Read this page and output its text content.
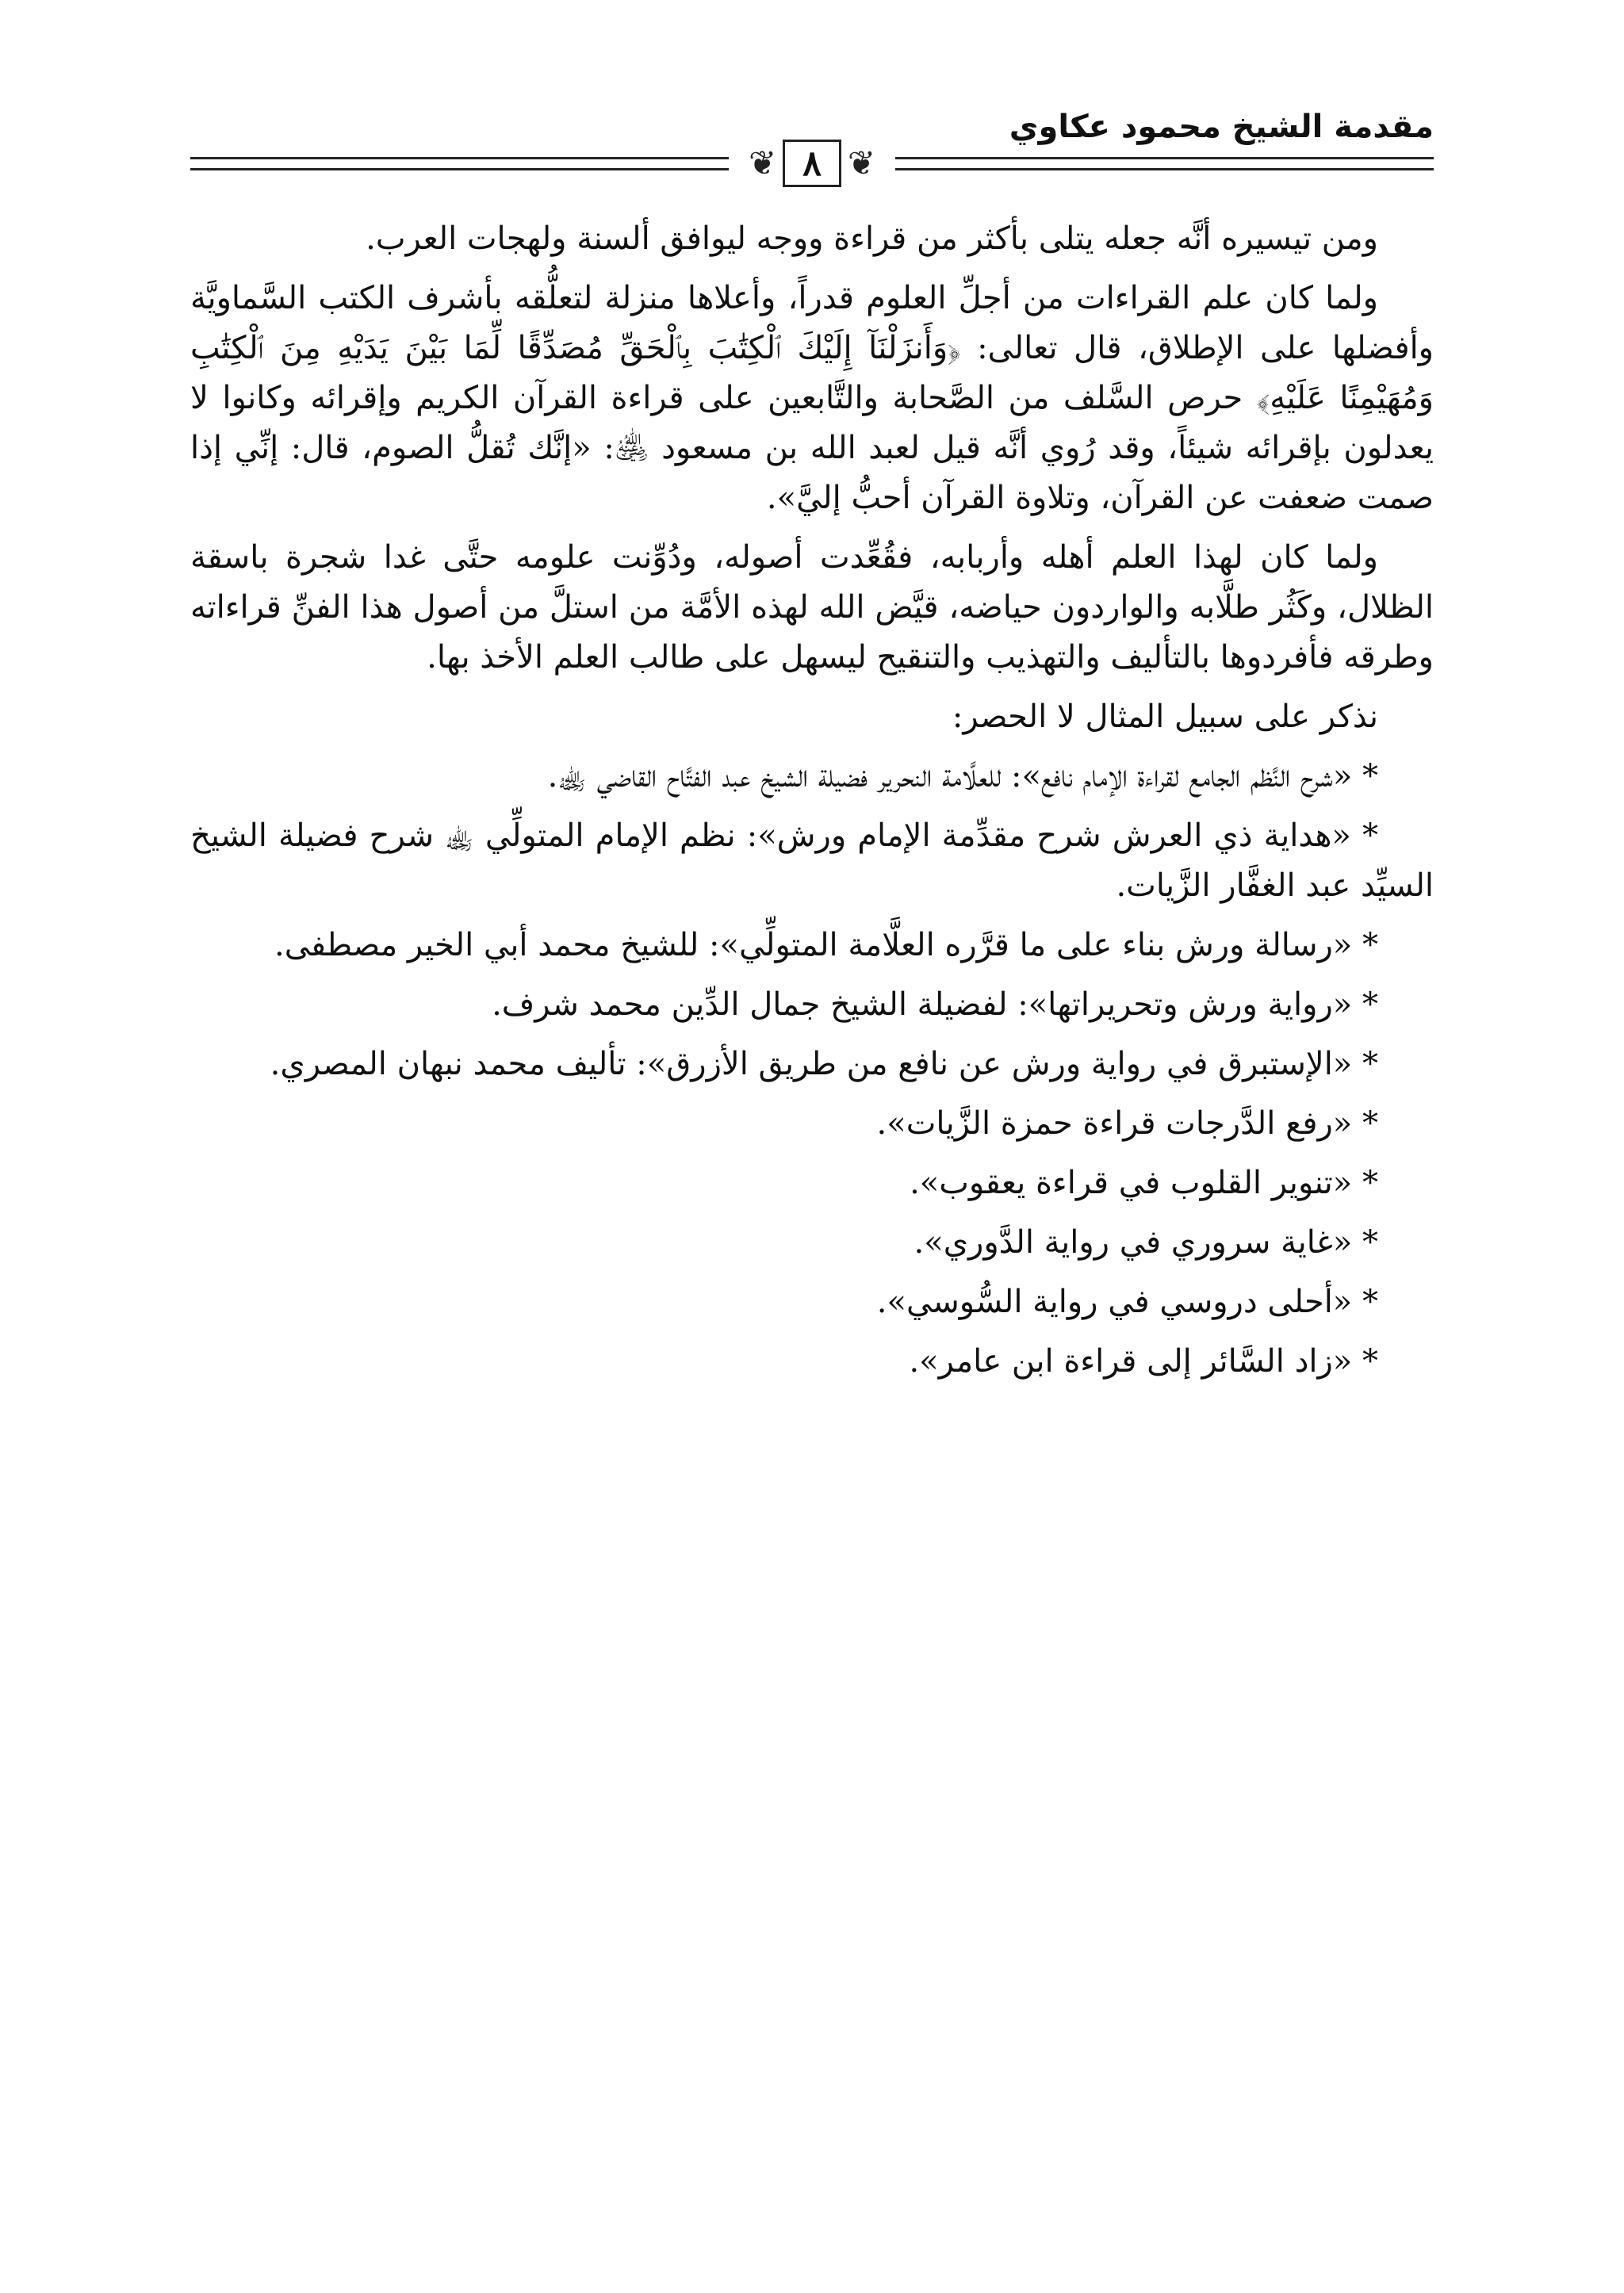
مقدمة الشيخ محمود عكاوي
❦
٨
❦

ومن تيسيره أنَّه جعله يتلى بأكثر من قراءة ووجه ليوافق ألسنة ولهجات العرب.

ولما كان علم القراءات من أجلِّ العلوم قدراً، وأعلاها منزلة لتعلُّقه بأشرف الكتب السَّماويَّة وأفضلها على الإطلاق، قال تعالى: ﴿وَأَنزَلْنَآ إِلَيْكَ ٱلْكِتَٰبَ بِٱلْحَقِّ مُصَدِّقًا لِّمَا بَيْنَ يَدَيْهِ مِنَ ٱلْكِتَٰبِ وَمُهَيْمِنًا عَلَيْهِ﴾ حرص السَّلف من الصَّحابة والتَّابعين على قراءة القرآن الكريم وإقرائه وكانوا لا يعدلون بإقرائه شيئاً، وقد رُوي أنَّه قيل لعبد الله بن مسعود ﵁: «إنَّك تُقلُّ الصوم، قال: إنِّي إذا صمت ضعفت عن القرآن، وتلاوة القرآن أحبُّ إليَّ».

ولما كان لهذا العلم أهله وأربابه، فقُعِّدت أصوله، ودُوِّنت علومه حتَّى غدا شجرة باسقة الظلال، وكَثُر طلَّابه والواردون حياضه، قيَّض الله لهذه الأمَّة من استلَّ من أصول هذا الفنِّ قراءاته وطرقه فأفردوها بالتأليف والتهذيب والتنقيح ليسهل على طالب العلم الأخذ بها.

نذكر على سبيل المثال لا الحصر:

* «شرح النَّظم الجامع لقراءة الإمام نافع»: للعلَّامة النحرير فضيلة الشيخ عبد الفتَّاح القاضي ﵀.

* «هداية ذي العرش شرح مقدِّمة الإمام ورش»: نظم الإمام المتولِّي ﵀ شرح فضيلة الشيخ السيِّد عبد الغفَّار الزَّيات.

* «رسالة ورش بناء على ما قرَّره العلَّامة المتولِّي»: للشيخ محمد أبي الخير مصطفى.

* «رواية ورش وتحريراتها»: لفضيلة الشيخ جمال الدِّين محمد شرف.

* «الإستبرق في رواية ورش عن نافع من طريق الأزرق»: تأليف محمد نبهان المصري.

* «رفع الدَّرجات قراءة حمزة الزَّيات».

* «تنوير القلوب في قراءة يعقوب».

* «غاية سروري في رواية الدَّوري».

* «أحلى دروسي في رواية السُّوسي».

* «زاد السَّائر إلى قراءة ابن عامر».
